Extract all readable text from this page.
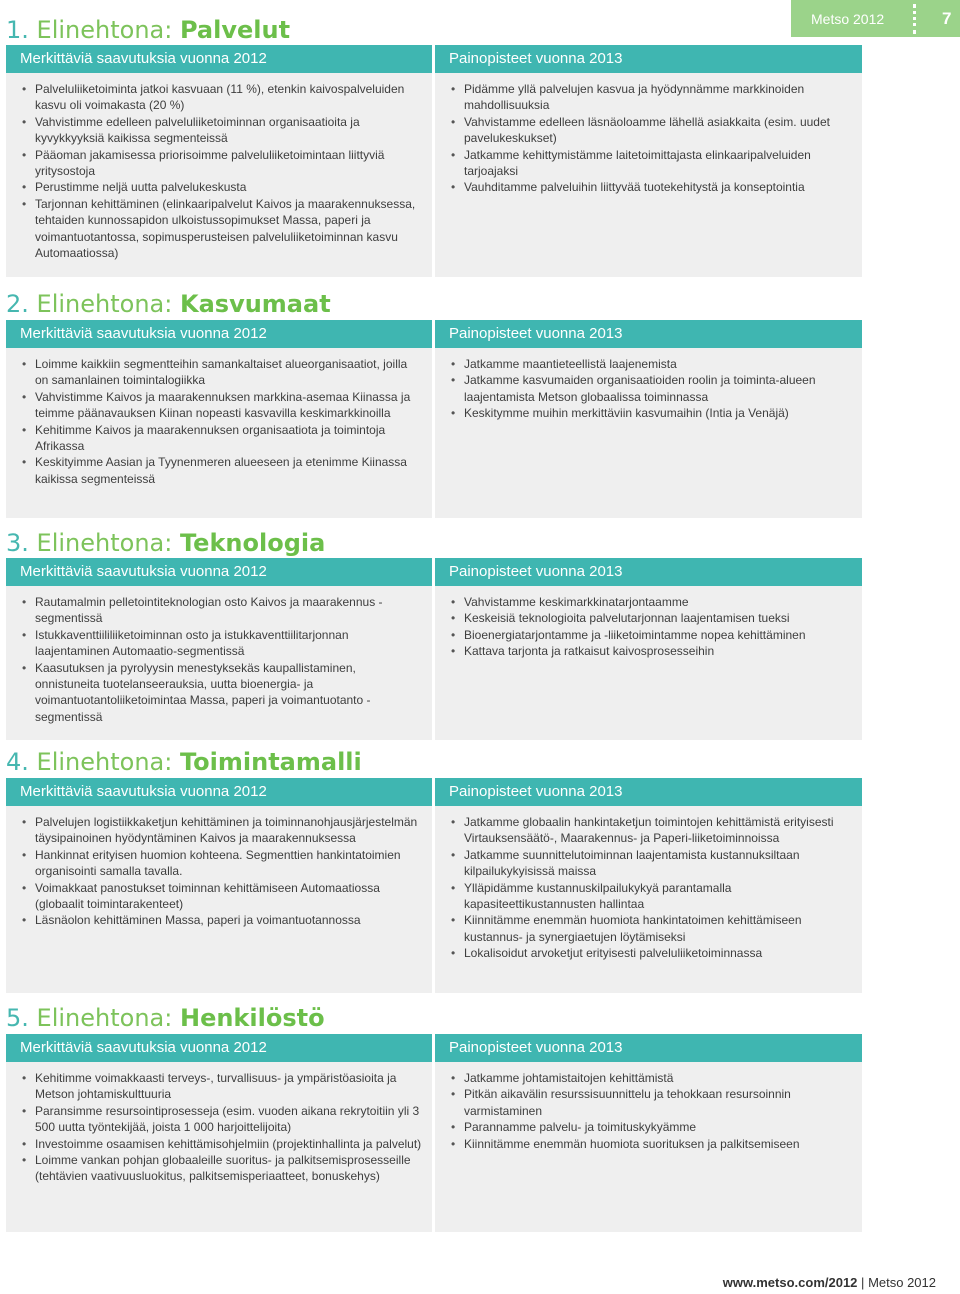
Metso 2012	7
1. Elinehtona: Palvelut
Merkittäviä saavutuksia vuonna 2012
• Palveluliiketoiminta jatkoi kasvuaan (11 %), etenkin kaivospalveluiden kasvu oli voimakasta (20 %)
• Vahvistimme edelleen palveluliiketoiminnan organisaatioita ja kyvykkyyksiä kaikissa segmenteissä
• Pääoman jakamisessa priorisoimme palveluliiketoimintaan liittyviä yritysostoja
• Perustimme neljä uutta palvelukeskusta
• Tarjonnan kehittäminen (elinkaaripalvelut Kaivos ja maarakennuksessa, tehtaiden kunnossapidon ulkoistussopimukset Massa, paperi ja voimantuotantossa, sopimusperusteisen palveluliiketoiminnan kasvu Automaatiossa)
Painopisteet vuonna 2013
• Pidämme yllä palvelujen kasvua ja hyödynnämme markkinoiden mahdollisuuksia
• Vahvistamme edelleen läsnäoloamme lähellä asiakkaita (esim. uudet pavelukeskukset)
• Jatkamme kehittymistämme laitetoimittajasta elinkaaripalveluiden tarjoajaksi
• Vauhditamme palveluihin liittyvää tuotekehitystä ja konseptointia
2. Elinehtona: Kasvumaat
Merkittäviä saavutuksia vuonna 2012
• Loimme kaikkiin segmentteihin samankaltaiset alueorganisaatiot, joilla on samanlainen toimintalogiikka
• Vahvistimme Kaivos ja maarakennuksen markkina-asemaa Kiinassa ja teimme päänavauksen Kiinan nopeasti kasvavilla keskimarkkinoilla
• Kehitimme Kaivos ja maarakennuksen organisaatiota ja toimintoja Afrikassa
• Keskityimme Aasian ja Tyynenmeren alueeseen ja etenimme Kiinassa kaikissa segmenteissä
Painopisteet vuonna 2013
• Jatkamme maantieteellistä laajenemista
• Jatkamme kasvumaiden organisaatioiden roolin ja toiminta-alueen laajentamista Metson globaalissa toiminnassa
• Keskitymme muihin merkittäviin kasvumaihin (Intia ja Venäjä)
3. Elinehtona: Teknologia
Merkittäviä saavutuksia vuonna 2012
• Rautamalmin pelletointiteknologian osto Kaivos ja maarakennus -segmentissä
• Istukkaventtiililiiketoiminnan osto ja istukkaventtiilitarjonnan laajentaminen Automaatio-segmentissä
• Kaasutuksen ja pyrolyysin menestyksekäs kaupallistaminen, onnistuneita tuotelanseerauksia, uutta bioenergia- ja voimantuotantoliiketoimintaa Massa, paperi ja voimantuotanto -segmentissä
Painopisteet vuonna 2013
• Vahvistamme keskimarkkinatarjontaamme
• Keskeisiä teknologioita palvelutarjonnan laajentamisen tueksi
• Bioenergiatarjontamme ja -liiketoimintamme nopea kehittäminen
• Kattava tarjonta ja ratkaisut kaivosprosesseihin
4. Elinehtona: Toimintamalli
Merkittäviä saavutuksia vuonna 2012
• Palvelujen logistiikkaketjun kehittäminen ja toiminnanohjausjärjestelmän täysipainoinen hyödyntäminen Kaivos ja maarakennuksessa
• Hankinnat erityisen huomion kohteena. Segmenttien hankintatoimien organisointi samalla tavalla.
• Voimakkaat panostukset toiminnan kehittämiseen Automaatiossa (globaalit toimintarakenteet)
• Läsnäolon kehittäminen Massa, paperi ja voimantuotannossa
Painopisteet vuonna 2013
• Jatkamme globaalin hankintaketjun toimintojen kehittämistä erityisesti Virtauksensäätö-, Maarakennus- ja Paperi-liiketoiminnoissa
• Jatkamme suunnittelutoiminnan laajentamista kustannuksiltaan kilpailukykyisissä maissa
• Ylläpidämme kustannuskilpailukykyä parantamalla kapasiteettikustannusten hallintaa
• Kiinnitämme enemmän huomiota hankintatoimen kehittämiseen kustannus- ja synergiaetujen löytämiseksi
• Lokalisoidut arvoketjut erityisesti palveluliiketoiminnassa
5. Elinehtona: Henkilöstö
Merkittäviä saavutuksia vuonna 2012
• Kehitimme voimakkaasti terveys-, turvallisuus- ja ympäristöasioita ja Metson johtamiskulttuuria
• Paransimme resursointiprosesseja (esim. vuoden aikana rekrytoitiin yli 3 500 uutta työntekijää, joista 1 000 harjoittelijoita)
• Investoimme osaamisen kehittämisohjelmiin (projektinhallinta ja palvelut)
• Loimme vankan pohjan globaaleille suoritus- ja palkitsemisprosesseille (tehtävien vaativuusluokitus, palkitsemisperiaatteet, bonuskehys)
Painopisteet vuonna 2013
• Jatkamme johtamistaitojen kehittämistä
• Pitkän aikavälin resurssisuunnittelu ja tehokkaan resursoinnin varmistaminen
• Parannamme palvelu- ja toimituskykyämme
• Kiinnitämme enemmän huomiota suorituksen ja palkitsemiseen
www.metso.com/2012 | Metso 2012
